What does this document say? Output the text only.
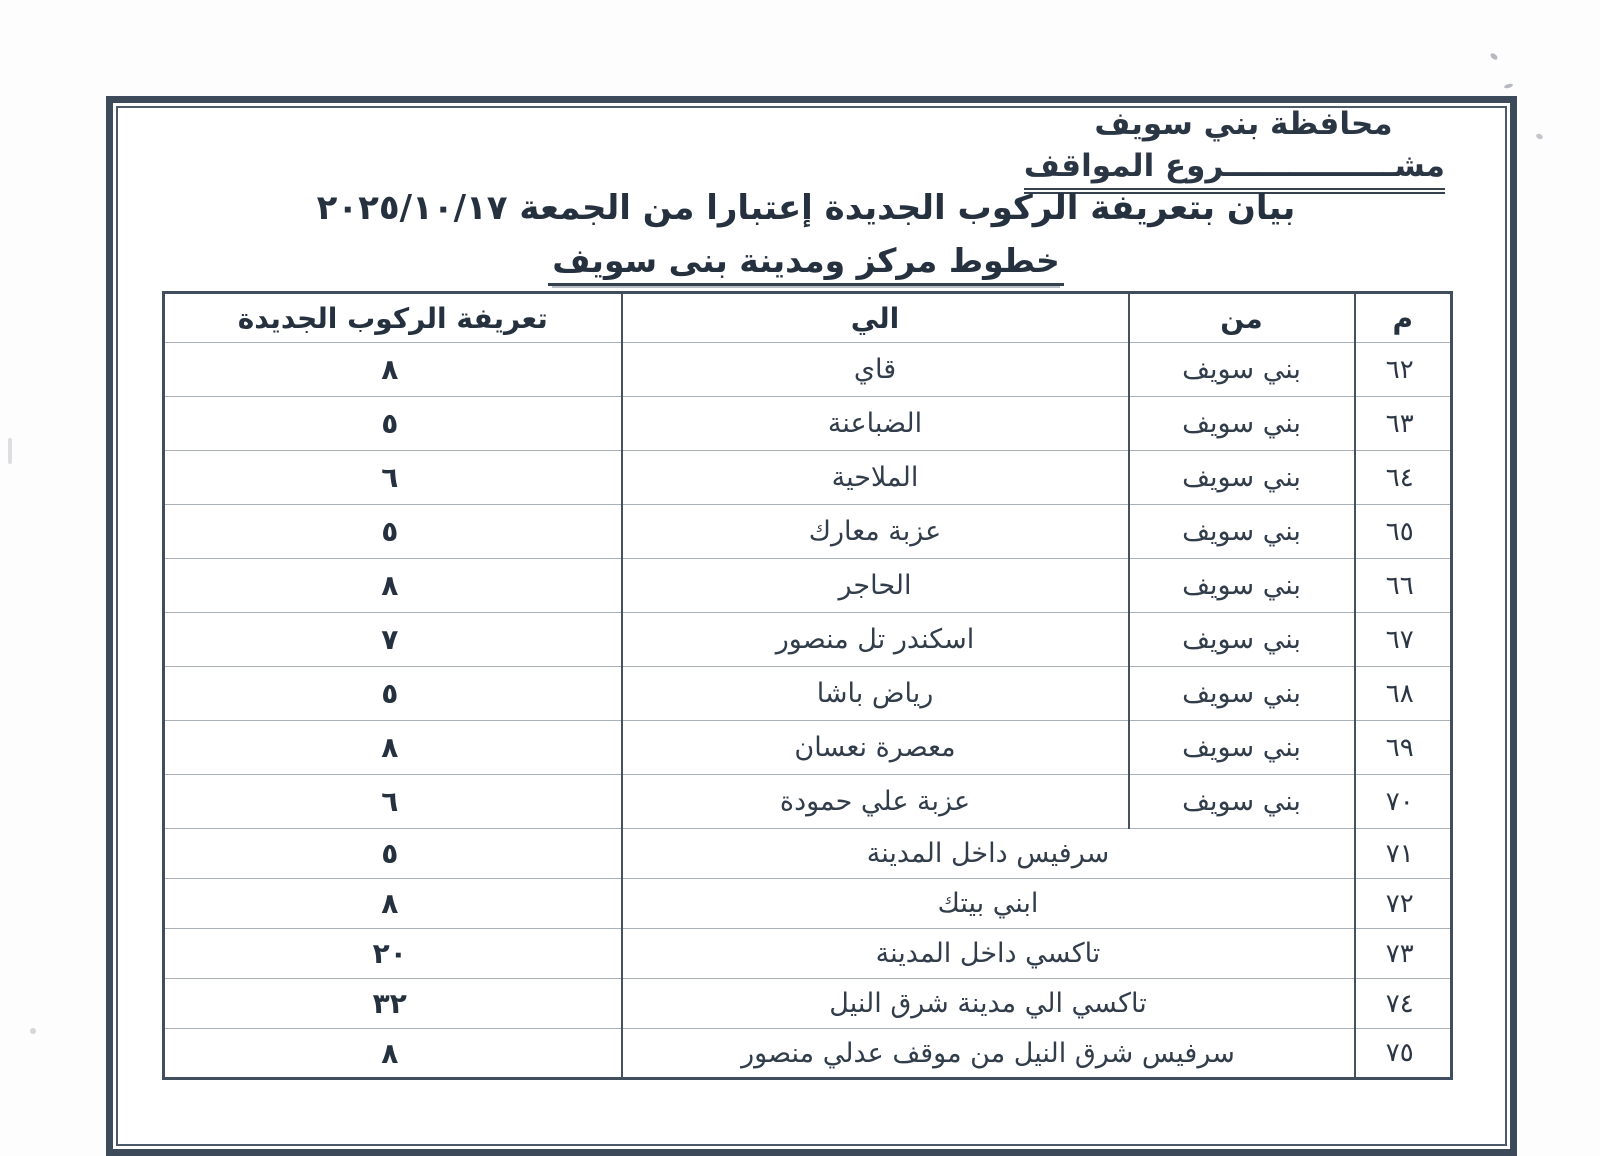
محافظة بني سويف
مشــــــــــــــــروع المواقف
بيان بتعريفة الركوب الجديدة إعتبارا من الجمعة ٢٠٢٥/١٠/١٧
خطوط مركز ومدينة بنى سويف
م	من	الي	تعريفة الركوب الجديدة
٦٢	بني سويف	قاي	٨
٦٣	بني سويف	الضباعنة	٥
٦٤	بني سويف	الملاحية	٦
٦٥	بني سويف	عزبة معارك	٥
٦٦	بني سويف	الحاجر	٨
٦٧	بني سويف	اسكندر تل منصور	٧
٦٨	بني سويف	رياض باشا	٥
٦٩	بني سويف	معصرة نعسان	٨
٧٠	بني سويف	عزبة علي حمودة	٦
٧١	سرفيس داخل المدينة		٥
٧٢	ابني بيتك		٨
٧٣	تاكسي داخل المدينة		٢٠
٧٤	تاكسي الي مدينة شرق النيل		٣٢
٧٥	سرفيس شرق النيل من موقف عدلي منصور		٨
